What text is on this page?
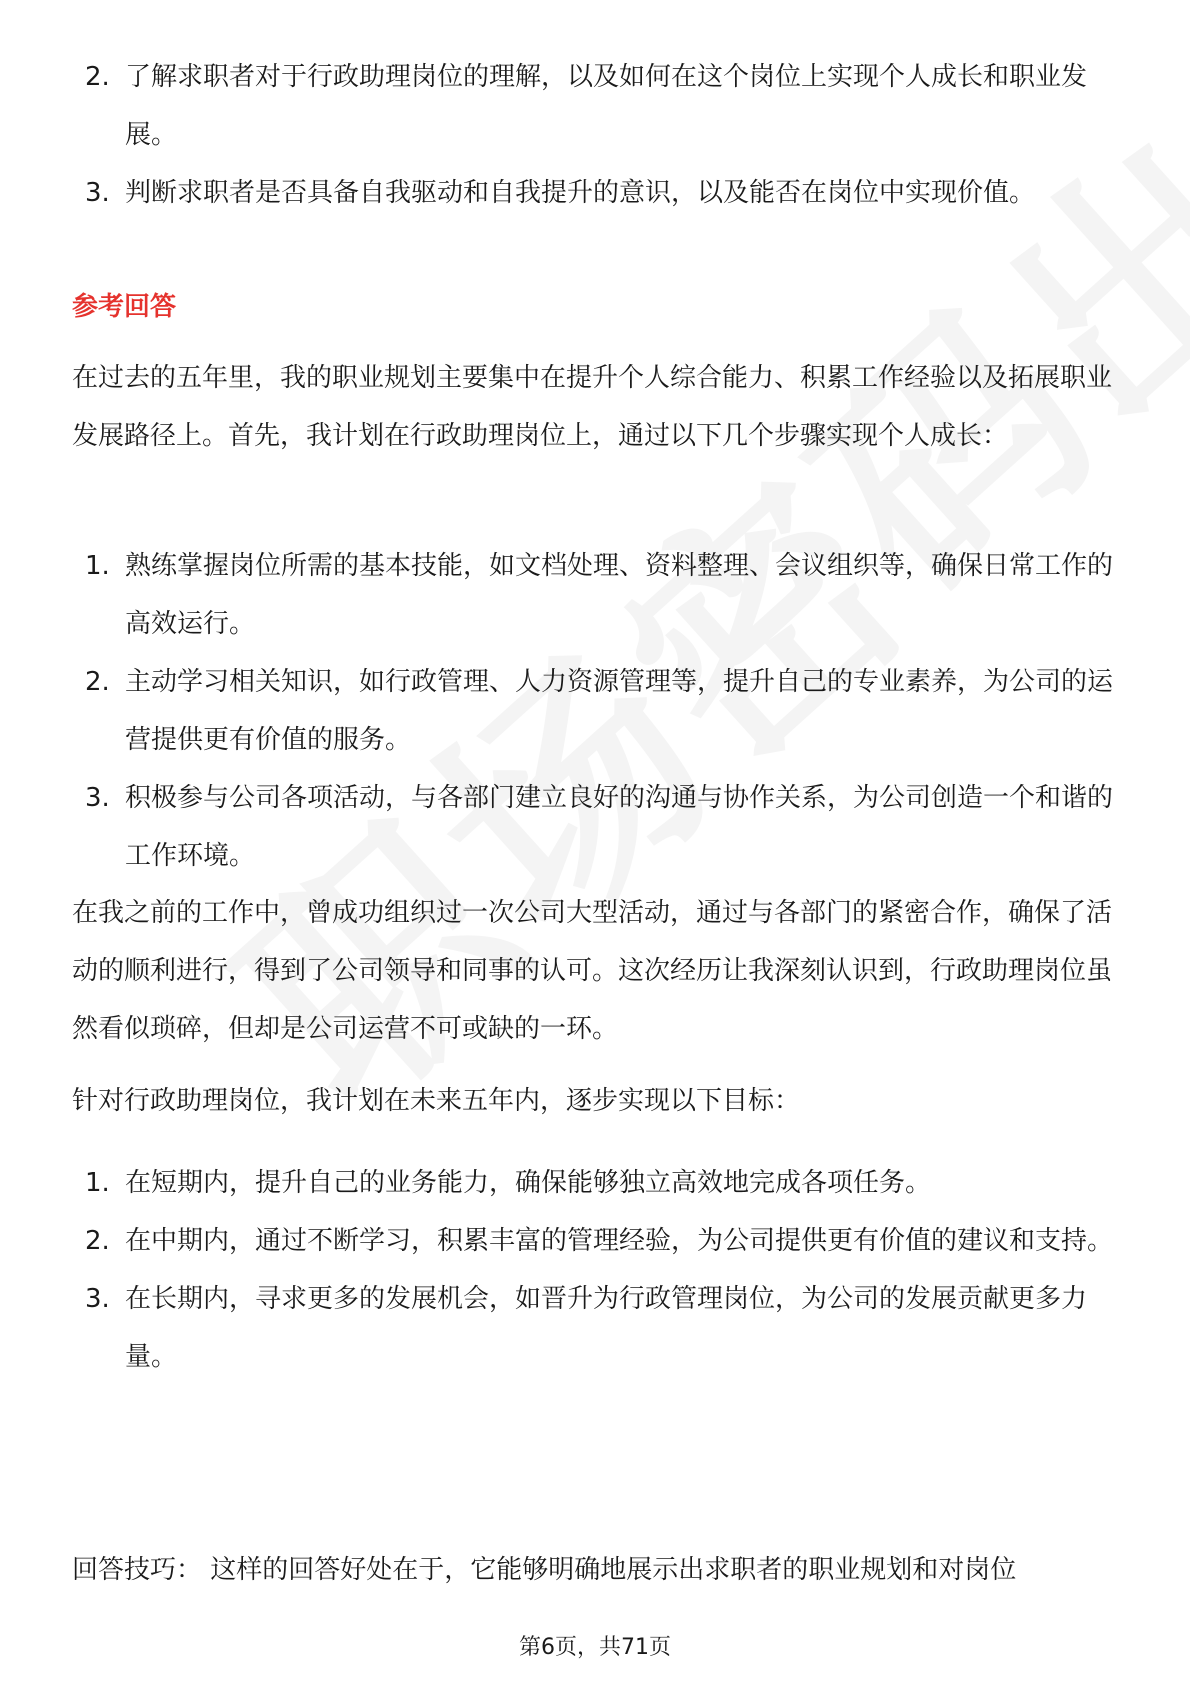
2. 了解求职者对于行政助理岗位的理解，以及如何在这个岗位上实现个人成长和职业发展。
3. 判断求职者是否具备自我驱动和自我提升的意识，以及能否在岗位中实现价值。
参考回答
在过去的五年里，我的职业规划主要集中在提升个人综合能力、积累工作经验以及拓展职业发展路径上。首先，我计划在行政助理岗位上，通过以下几个步骤实现个人成长：
1. 熟练掌握岗位所需的基本技能，如文档处理、资料整理、会议组织等，确保日常工作的高效运行。
2. 主动学习相关知识，如行政管理、人力资源管理等，提升自己的专业素养，为公司的运营提供更有价值的服务。
3. 积极参与公司各项活动，与各部门建立良好的沟通与协作关系，为公司创造一个和谐的工作环境。
在我之前的工作中，曾成功组织过一次公司大型活动，通过与各部门的紧密合作，确保了活动的顺利进行，得到了公司领导和同事的认可。这次经历让我深刻认识到，行政助理岗位虽然看似琐碎，但却是公司运营不可或缺的一环。
针对行政助理岗位，我计划在未来五年内，逐步实现以下目标：
1. 在短期内，提升自己的业务能力，确保能够独立高效地完成各项任务。
2. 在中期内，通过不断学习，积累丰富的管理经验，为公司提供更有价值的建议和支持。
3. 在长期内，寻求更多的发展机会，如晋升为行政管理岗位，为公司的发展贡献更多力量。
回答技巧： 这样的回答好处在于，它能够明确地展示出求职者的职业规划和对岗位
第6页，共71页
